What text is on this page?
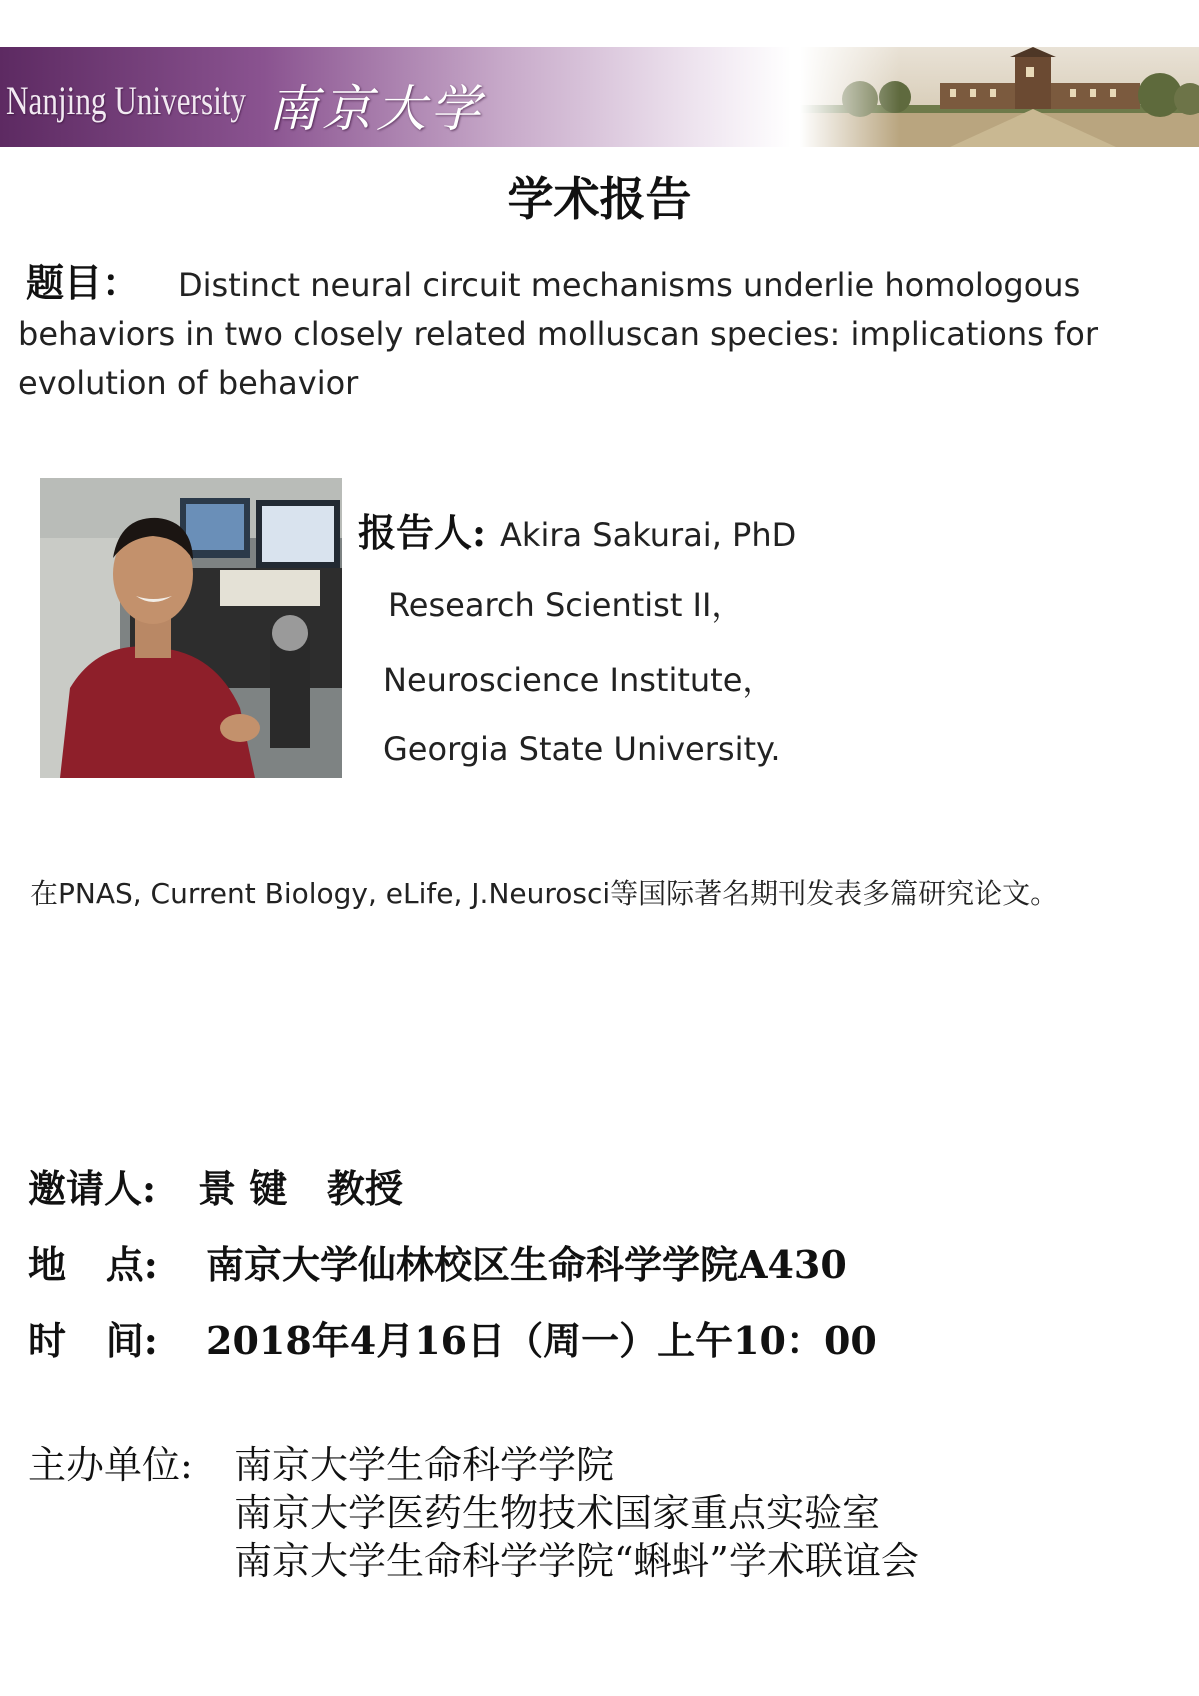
Nanjing University 南京大学
学术报告
题目： Distinct neural circuit mechanisms underlie homologous behaviors in two closely related molluscan species: implications for evolution of behavior
报告人: Akira Sakurai, PhD
Research Scientist II，
Neuroscience Institute，
Georgia State University.
在PNAS, Current Biology, eLife, J.Neurosci等国际著名期刊发表多篇研究论文。
邀请人: 景 键   教授
地   点: 南京大学仙林校区生命科学学院A430
时   间: 2018年4月16日（周一）上午10：00
主办单位: 南京大学生命科学学院
南京大学医药生物技术国家重点实验室
南京大学生命科学学院“蝌蚪”学术联谊会
